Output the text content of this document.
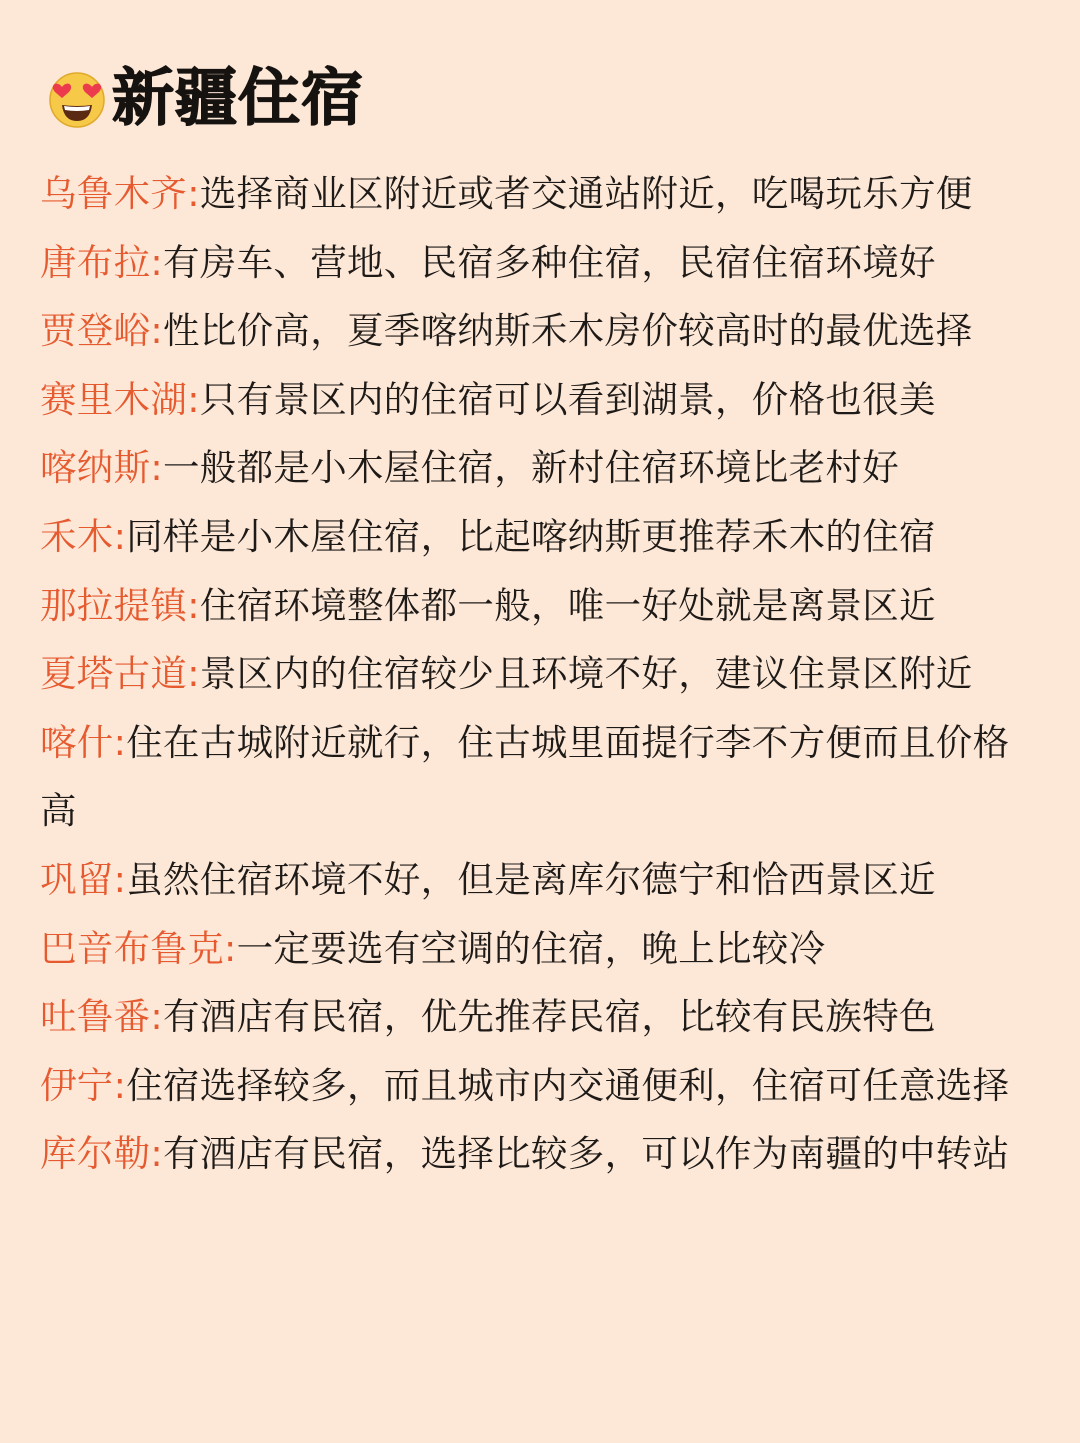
新疆住宿
乌鲁木齐:选择商业区附近或者交通站附近，吃喝玩乐方便
唐布拉:有房车、营地、民宿多种住宿，民宿住宿环境好
贾登峪:性比价高，夏季喀纳斯禾木房价较高时的最优选择
赛里木湖:只有景区内的住宿可以看到湖景，价格也很美
喀纳斯:一般都是小木屋住宿，新村住宿环境比老村好
禾木:同样是小木屋住宿，比起喀纳斯更推荐禾木的住宿
那拉提镇:住宿环境整体都一般，唯一好处就是离景区近
夏塔古道:景区内的住宿较少且环境不好，建议住景区附近
喀什:住在古城附近就行，住古城里面提行李不方便而且价格高
巩留:虽然住宿环境不好，但是离库尔德宁和恰西景区近
巴音布鲁克:一定要选有空调的住宿，晚上比较冷
吐鲁番:有酒店有民宿，优先推荐民宿，比较有民族特色
伊宁:住宿选择较多，而且城市内交通便利，住宿可任意选择
库尔勒:有酒店有民宿，选择比较多，可以作为南疆的中转站
